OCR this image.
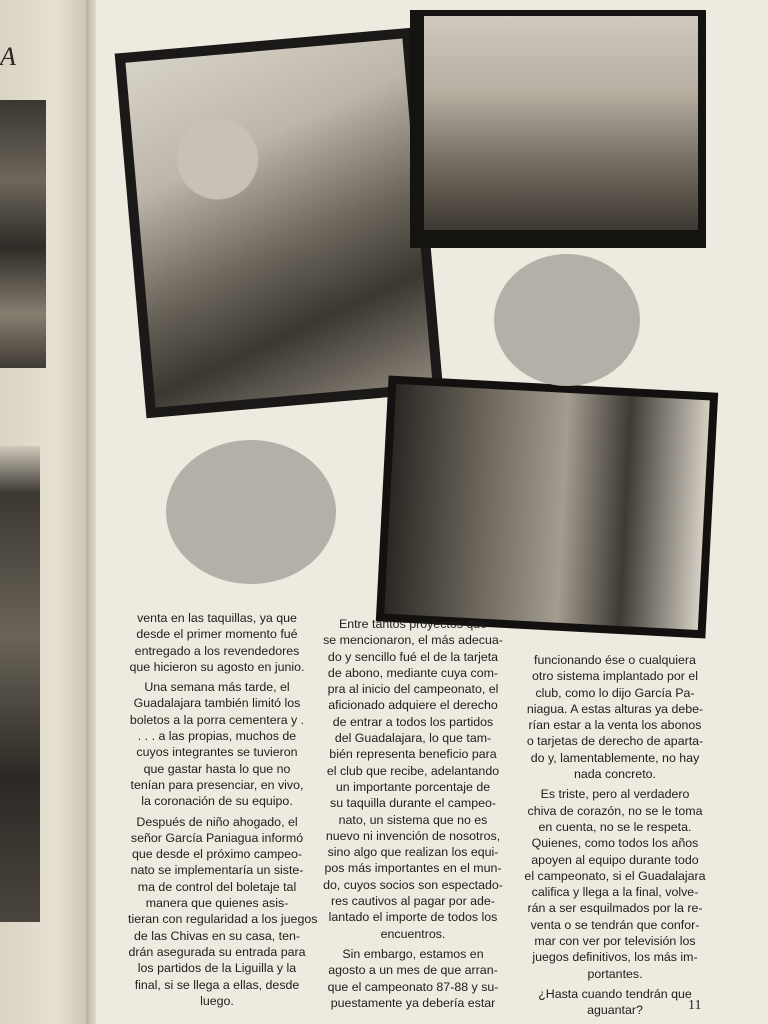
A
venta en las taquillas, ya que
desde el primer momento fué
entregado a los revendedores
que hicieron su agosto en junio.
Una semana más tarde, el
Guadalajara también limitó los
boletos a la porra cementera y .
. . . a las propias, muchos de
cuyos integrantes se tuvieron
que gastar hasta lo que no
tenían para presenciar, en vivo,
la coronación de su equipo.
Después de niño ahogado, el
señor García Paniagua informó
que desde el próximo campeo-
nato se implementaría un siste-
ma de control del boletaje tal
manera que quienes asis-
tieran con regularidad a los juegos
de las Chivas en su casa, ten-
drán asegurada su entrada para
los partidos de la Liguilla y la
final, si se llega a ellas, desde
luego.
Entre tantos proyectos que
se mencionaron, el más adecua-
do y sencillo fué el de la tarjeta
de abono, mediante cuya com-
pra al inicio del campeonato, el
aficionado adquiere el derecho
de entrar a todos los partidos
del Guadalajara, lo que tam-
bién representa beneficio para
el club que recibe, adelantando
un importante porcentaje de
su taquilla durante el campeo-
nato, un sistema que no es
nuevo ni invención de nosotros,
sino algo que realizan los equi-
pos más importantes en el mun-
do, cuyos socios son espectado-
res cautivos al pagar por ade-
lantado el importe de todos los
encuentros.
Sin embargo, estamos en
agosto a un mes de que arran-
que el campeonato 87-88 y su-
puestamente ya debería estar
funcionando ése o cualquiera
otro sistema implantado por el
club, como lo dijo García Pa-
niagua. A estas alturas ya debe-
rían estar a la venta los abonos
o tarjetas de derecho de aparta-
do y, lamentablemente, no hay
nada concreto.
Es triste, pero al verdadero
chiva de corazón, no se le toma
en cuenta, no se le respeta.
Quienes, como todos los años
apoyen al equipo durante todo
el campeonato, si el Guadalajara
califica y llega a la final, volve-
rán a ser esquilmados por la re-
venta o se tendrán que confor-
mar con ver por televisión los
juegos definitivos, los más im-
portantes.
¿Hasta cuando tendrán que
aguantar?	11
